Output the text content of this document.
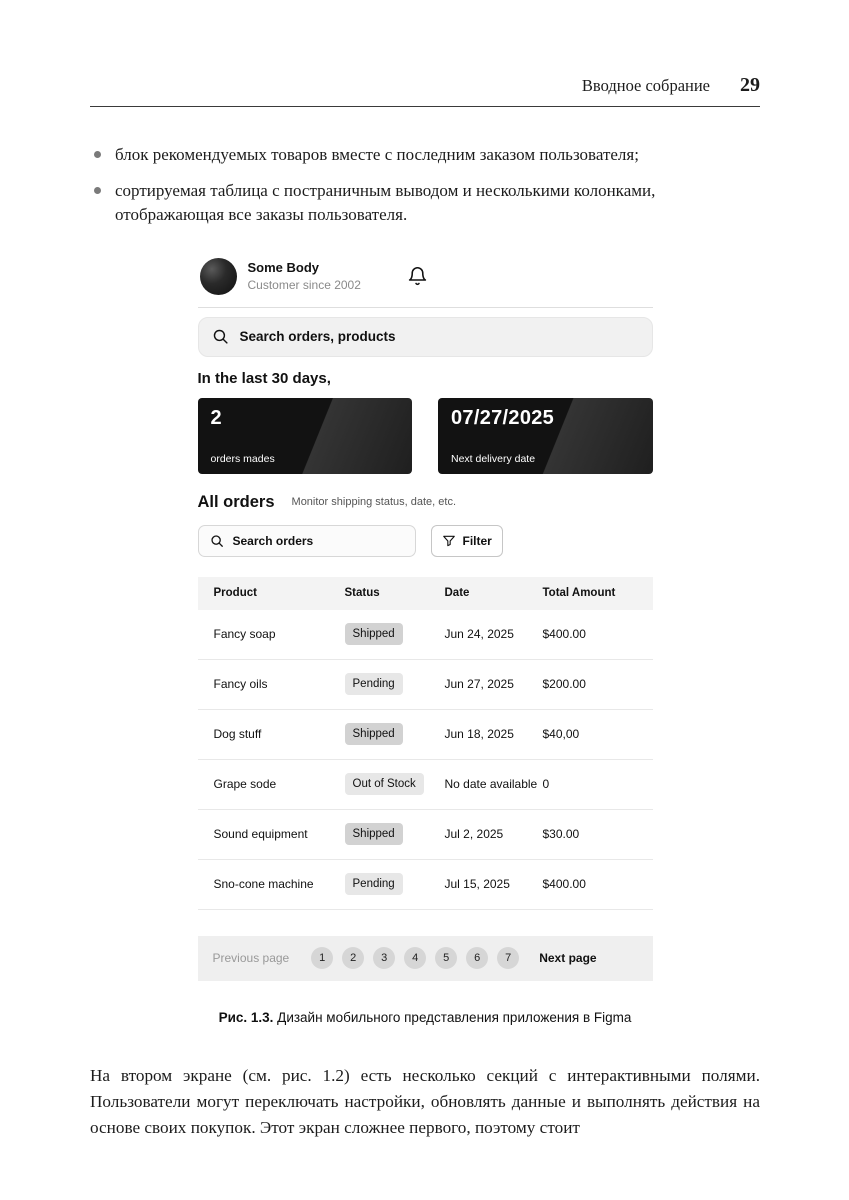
Вводное собрание 29
блок рекомендуемых товаров вместе с последним заказом пользователя;
сортируемая таблица с постраничным выводом и несколькими колонками, отображающая все заказы пользователя.
Some Body
Customer since 2002
Search orders, products
In the last 30 days,
2
orders mades
07/27/2025
Next delivery date
All orders Monitor shipping status, date, etc.
Search orders	Filter
Product	Status	Date	Total Amount
Fancy soap	Shipped	Jun 24, 2025	$400.00
Fancy oils	Pending	Jun 27, 2025	$200.00
Dog stuff	Shipped	Jun 18, 2025	$40,00
Grape sode	Out of Stock	No date available 0
Sound equipment	Shipped	Jul 2, 2025	$30.00
Sno-cone machine	Pending	Jul 15, 2025	$400.00
Previous page	1	2	3	4	5	6	7	Next page
Рис. 1.3. Дизайн мобильного представления приложения в Figma

На втором экране (см. рис. 1.2) есть несколько секций с интерактивными полями. Пользователи могут переключать настройки, обновлять данные и выполнять действия на основе своих покупок. Этот экран сложнее первого, поэтому стоит
